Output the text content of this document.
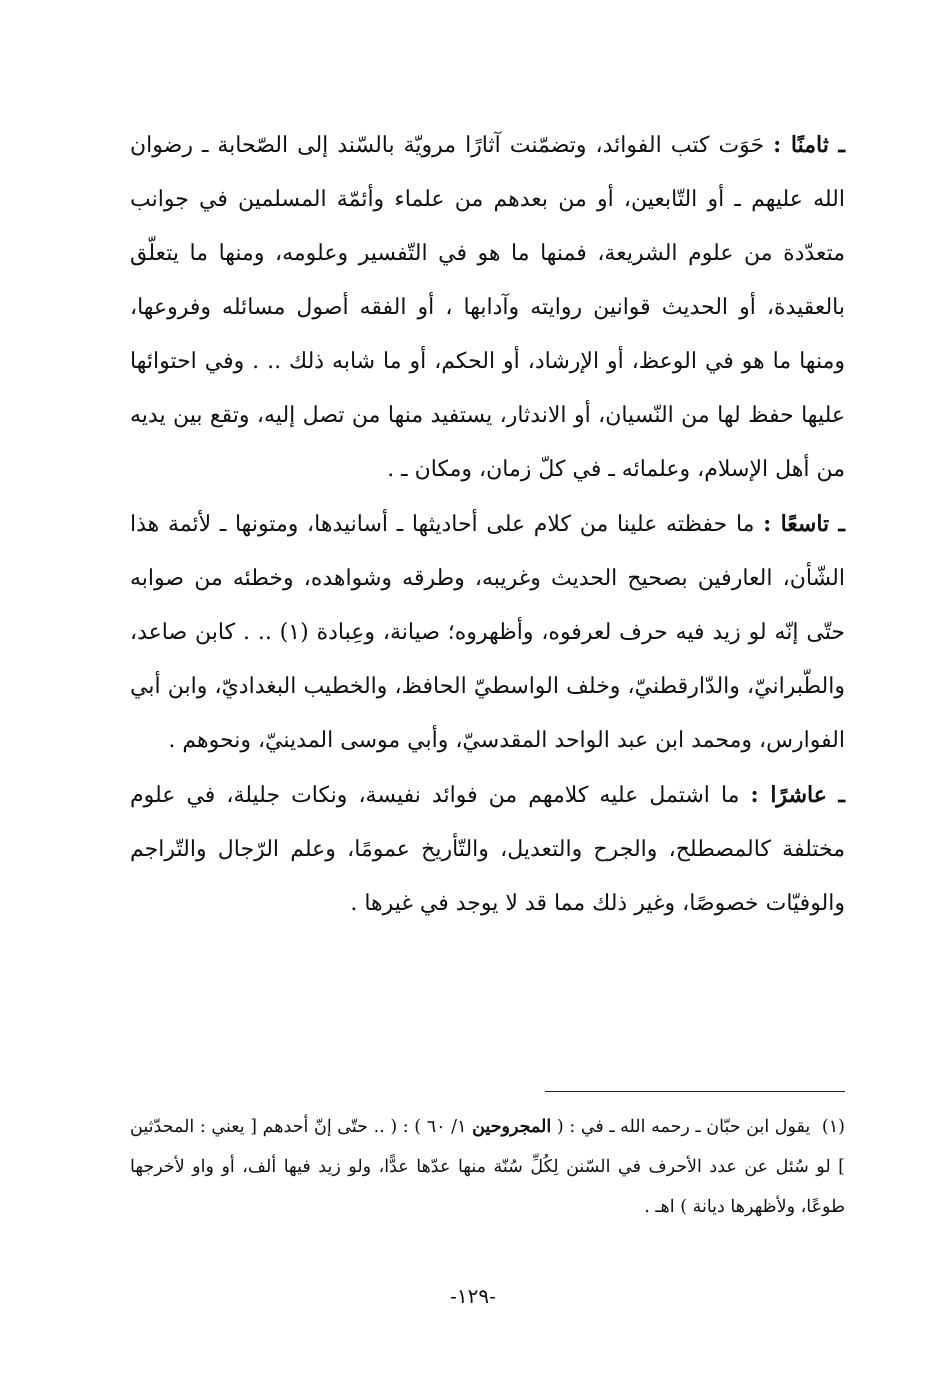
ـ ثامنًا : حَوَت كتب الفوائد، وتضمّنت آثارًا مرويّة بالسّند إلى الصّحابة ـ رضوان الله عليهم ـ أو التّابعين، أو من بعدهم من علماء وأئمّة المسلمين في جوانب متعدّدة من علوم الشريعة، فمنها ما هو في التّفسير وعلومه، ومنها ما يتعلّق بالعقيدة، أو الحديث قوانين روايته وآدابها ، أو الفقه أصول مسائله وفروعها، ومنها ما هو في الوعظ، أو الإرشاد، أو الحكم، أو ما شابه ذلك .. . وفي احتوائها عليها حفظ لها من النّسيان، أو الاندثار، يستفيد منها من تصل إليه، وتقع بين يديه من أهل الإسلام، وعلمائه ـ في كلّ زمان، ومكان ـ .

ـ تاسعًا : ما حفظته علينا من كلام على أحاديثها ـ أسانيدها، ومتونها ـ لأئمة هذا الشّأن، العارفين بصحيح الحديث وغريبه، وطرقه وشواهده، وخطئه من صوابه حتّى إنّه لو زيد فيه حرف لعرفوه، وأظهروه؛ صيانة، وعِبادة (١) .. . كابن صاعد، والطّبرانيّ، والدّارقطنيّ، وخلف الواسطيّ الحافظ، والخطيب البغداديّ، وابن أبي الفوارس، ومحمد ابن عبد الواحد المقدسيّ، وأبي موسى المدينيّ، ونحوهم .

ـ عاشرًا : ما اشتمل عليه كلامهم من فوائد نفيسة، ونكات جليلة، في علوم مختلفة كالمصطلح، والجرح والتعديل، والتّأريخ عمومًا، وعلم الرّجال والتّراجم والوفيّات خصوصًا، وغير ذلك مما قد لا يوجد في غيرها .

(١) يقول ابن حبّان ـ رحمه الله ـ في : ( المجروحين ١/ ٦٠ ) : ( .. حتّى إنّ أحدهم [ يعني : المحدّثين ] لو سُئل عن عدد الأحرف في السّنن لِكُلِّ سُنّة منها عدّها عدًّا، ولو زيد فيها ألف، أو واو لأخرجها طوعًا، ولأظهرها ديانة ) اهـ .
-١٢٩-
